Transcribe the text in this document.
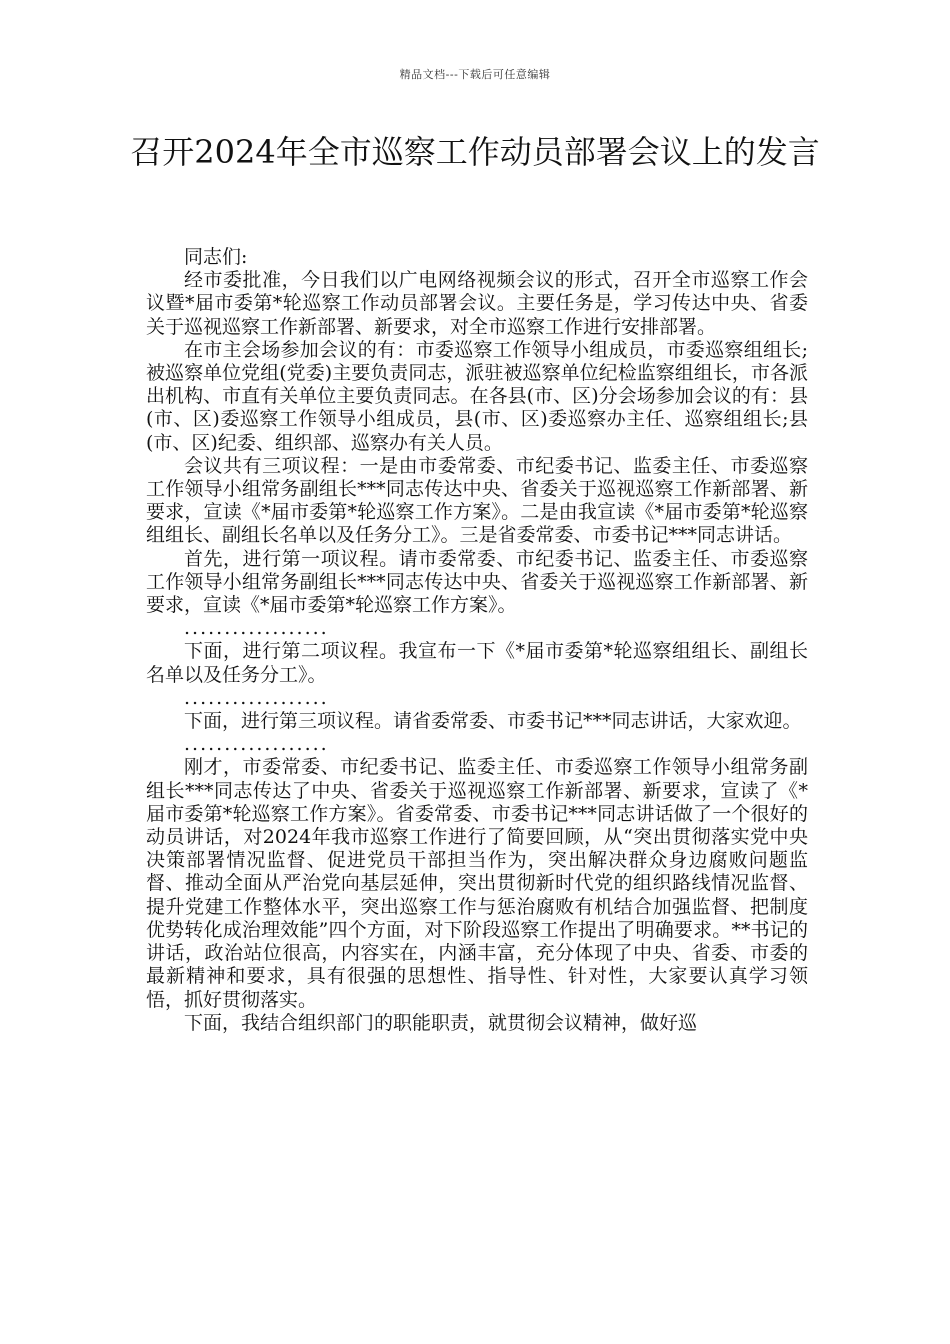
精品文档---下载后可任意编辑
召开2024年全市巡察工作动员部署会议上的发言

同志们:

经市委批准，今日我们以广电网络视频会议的形式，召开全市巡察工作会议暨*届市委第*轮巡察工作动员部署会议。主要任务是，学习传达中央、省委关于巡视巡察工作新部署、新要求，对全市巡察工作进行安排部署。

在市主会场参加会议的有：市委巡察工作领导小组成员，市委巡察组组长;被巡察单位党组(党委)主要负责同志，派驻被巡察单位纪检监察组组长，市各派出机构、市直有关单位主要负责同志。在各县(市、区)分会场参加会议的有：县(市、区)委巡察工作领导小组成员，县(市、区)委巡察办主任、巡察组组长;县(市、区)纪委、组织部、巡察办有关人员。

会议共有三项议程：一是由市委常委、市纪委书记、监委主任、市委巡察工作领导小组常务副组长***同志传达中央、省委关于巡视巡察工作新部署、新要求，宣读《*届市委第*轮巡察工作方案》。二是由我宣读《*届市委第*轮巡察组组长、副组长名单以及任务分工》。三是省委常委、市委书记***同志讲话。

首先，进行第一项议程。请市委常委、市纪委书记、监委主任、市委巡察工作领导小组常务副组长***同志传达中央、省委关于巡视巡察工作新部署、新要求，宣读《*届市委第*轮巡察工作方案》。

..................

下面，进行第二项议程。我宣布一下《*届市委第*轮巡察组组长、副组长名单以及任务分工》。

..................

下面，进行第三项议程。请省委常委、市委书记***同志讲话，大家欢迎。

..................

刚才，市委常委、市纪委书记、监委主任、市委巡察工作领导小组常务副组长***同志传达了中央、省委关于巡视巡察工作新部署、新要求，宣读了《*届市委第*轮巡察工作方案》。省委常委、市委书记***同志讲话做了一个很好的动员讲话，对2024年我市巡察工作进行了简要回顾，从“突出贯彻落实党中央决策部署情况监督、促进党员干部担当作为，突出解决群众身边腐败问题监督、推动全面从严治党向基层延伸，突出贯彻新时代党的组织路线情况监督、提升党建工作整体水平，突出巡察工作与惩治腐败有机结合加强监督、把制度优势转化成治理效能”四个方面，对下阶段巡察工作提出了明确要求。**书记的讲话，政治站位很高，内容实在，内涵丰富，充分体现了中央、省委、市委的最新精神和要求，具有很强的思想性、指导性、针对性，大家要认真学习领悟，抓好贯彻落实。

下面，我结合组织部门的职能职责，就贯彻会议精神，做好巡
